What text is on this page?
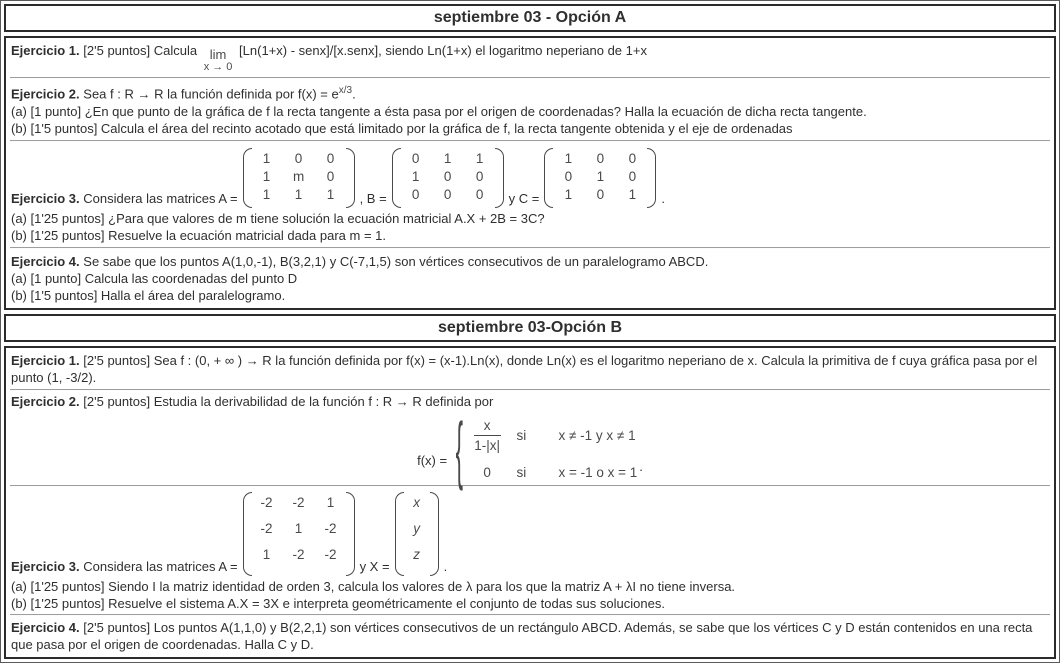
septiembre 03 - Opción A
Ejercicio 1. [2'5 puntos] Calcula lim
x → 0
[Ln(1+x) - senx]/[x.senx], siendo Ln(1+x) el logaritmo neperiano de 1+x
Ejercicio 2. Sea f : R → R la función definida por $f(x) = e^{x/3}$.
(a) [1 punto] ¿En que punto de la gráfica de f la recta tangente a ésta pasa por el origen de coordenadas? Halla la ecuación de dicha recta tangente.
(b) [1'5 puntos] Calcula el área del recinto acotado que está limitado por la gráfica de f, la recta tangente obtenida y el eje de ordenadas
Ejercicio 3. Considera las matrices A =
1 0 0
1 m 0
1 1 1 , B =
0 1 1
1 0 0
0 0 0 y C =
1 0 0
0 1 0
1 0 1 .
(a) [1'25 puntos] ¿Para que valores de m tiene solución la ecuación matricial A.X + 2B = 3C?
(b) [1'25 puntos] Resuelve la ecuación matricial dada para m = 1.
Ejercicio 4. Se sabe que los puntos A(1,0,-1), B(3,2,1) y C(-7,1,5) son vértices consecutivos de un paralelogramo ABCD.
(a) [1 punto] Calcula las coordenadas del punto D
(b) [1'5 puntos] Halla el área del paralelogramo.
septiembre 03-Opción B
Ejercicio 1. [2'5 puntos] Sea f : (0, + ∞ ) → R la función definida por f(x) = (x-1).Ln(x), donde Ln(x) es el logaritmo neperiano de x. Calcula la primitiva de f cuya gráfica pasa por el punto (1, -3/2).
Ejercicio 2. [2'5 puntos] Estudia la derivabilidad de la función f : R → R definida por
f(x) = { $\frac{x}{1-|x|}$ si	x ≠ -1 y x ≠ 1
0 si	x = -1 o x = 1 .
Ejercicio 3. Considera las matrices A =
-2 -2 1
-2 1 -2
1 -2 -2
y X =
x
y
z
.
(a) [1'25 puntos] Siendo I la matriz identidad de orden 3, calcula los valores de λ para los que la matriz A + λI no tiene inversa.
(b) [1'25 puntos] Resuelve el sistema A.X = 3X e interpreta geométricamente el conjunto de todas sus soluciones.
Ejercicio 4. [2'5 puntos] Los puntos A(1,1,0) y B(2,2,1) son vértices consecutivos de un rectángulo ABCD. Además, se sabe que los vértices C y D están contenidos en una recta que pasa por el origen de coordenadas. Halla C y D.
